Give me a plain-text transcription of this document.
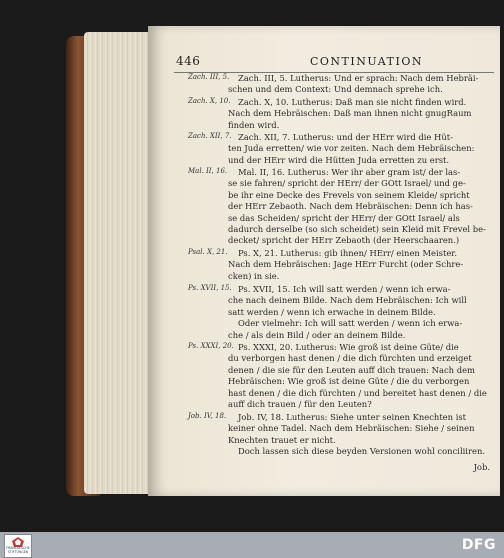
446	CONTINUATION
Zach. III, 5.	Zach. III, 5. Lutherus: Und er sprach: Nach dem Hebräi-
schen und dem Context: Und demnach sprehe ich.
Zach. X, 10. Zach. X, 10. Lutherus: Daß man sie nicht finden wird.
Nach dem Hebräischen: Daß man ihnen nicht gnugRaum
finden wird.
Zach. XII, 7. Zach. XII, 7. Lutherus: und der HErr wird die Hüt-
ten Juda erretten/ wie vor zeiten. Nach dem Hebräischen:
und der HErr wird die Hütten Juda erretten zu erst.
Mal. II, 16.	Mal. II, 16. Lutherus: Wer ihr aber gram ist/ der las-
se sie fahren/ spricht der HErr/ der GOtt Israel/ und ge-
be ihr eine Decke des Frevels von seinem Kleide/ spricht
der HErr Zebaoth. Nach dem Hebräischen: Denn ich has-
se das Scheiden/ spricht der HErr/ der GOtt Israel/ als
dadurch derselbe (so sich scheidet) sein Kleid mit Frevel be-
decket/ spricht der HErr Zebaoth (der Heerschaaren.)
Psal. X, 21.	Ps. X, 21. Lutherus: gib ihnen/ HErr/ einen Meister.
Nach dem Hebräischen: Jage HErr Furcht (oder Schre-
cken) in sie.
Ps. XVII, 15. Ps. XVII, 15. Ich will satt werden / wenn ich erwa-
che nach deinem Bilde. Nach dem Hebräischen: Ich will
satt werden / wenn ich erwache in deinem Bilde.
Oder vielmehr: Ich will satt werden / wenn ich erwa-
che / als dein Bild / oder an deinem Bilde.
Ps. XXXI, 20. Ps. XXXI, 20. Lutherus: Wie groß ist deine Güte/ die
du verborgen hast denen / die dich fürchten und erzeiget
denen / die sie für den Leuten auff dich trauen: Nach dem
Hebräischen: Wie groß ist deine Güte / die du verborgen
hast denen / die dich fürchten / und bereitet hast denen / die
auff dich trauen / für den Leuten?
Job. IV, 18.	Job. IV, 18. Lutherus: Siehe unter seinen Knechten ist
keiner ohne Tadel. Nach dem Hebräischen: Siehe / seinen
Knechten trauet er nicht.
Doch lassen sich diese beyden Versionen wohl conciliiren.
Job.
FRANCKESCHE
STIFTUNGEN	DFG
